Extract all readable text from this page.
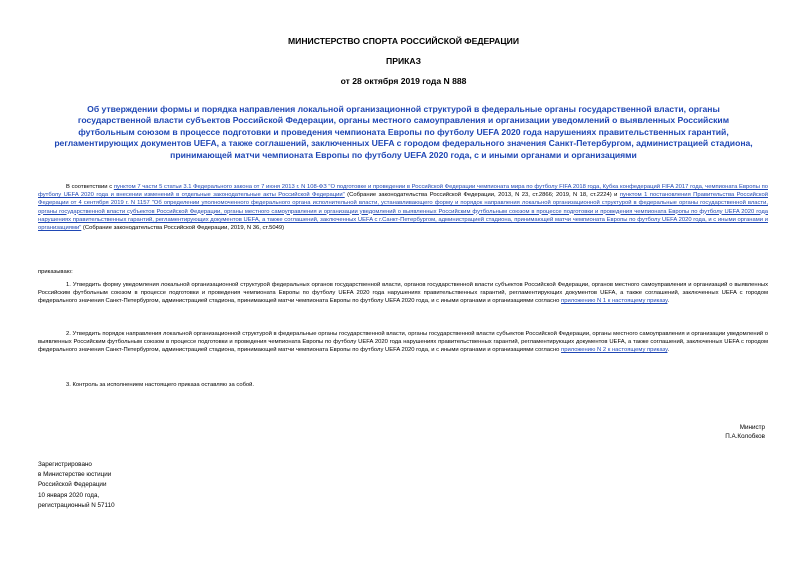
МИНИСТЕРСТВО СПОРТА РОССИЙСКОЙ ФЕДЕРАЦИИ
ПРИКАЗ
от 28 октября 2019 года N 888
Об утверждении формы и порядка направления локальной организационной структурой в федеральные органы государственной власти, органы государственной власти субъектов Российской Федерации, органы местного самоуправления и организации уведомлений о выявленных Российским футбольным союзом в процессе подготовки и проведения чемпионата Европы по футболу UEFA 2020 года нарушениях правительственных гарантий, регламентирующих документов UEFA, а также соглашений, заключенных UEFA с городом федерального значения Санкт-Петербургом, администрацией стадиона, принимающей матчи чемпионата Европы по футболу UEFA 2020 года, с и иными органами и организациями
В соответствии с пунктом 7 части 5 статьи 3.1 Федерального закона от 7 июня 2013 г. N 108-ФЗ "О подготовке и проведении в Российской Федерации чемпионата мира по футболу FIFA 2018 года, Кубка конфедераций FIFA 2017 года, чемпионата Европы по футболу UEFA 2020 года и внесении изменений в отдельные законодательные акты Российской Федерации" (Собрание законодательства Российской Федерации, 2013, N 23, ст.2866; 2019, N 18, ст.2224) и пунктом 1 постановления Правительства Российской Федерации от 4 сентября 2019 г. N 1157 "Об определении уполномоченного федерального органа исполнительной власти, устанавливающего форму и порядок направления локальной организационной структурой в федеральные органы государственной власти, органы государственной власти субъектов Российской Федерации, органы местного самоуправления и организации уведомлений о выявленных Российским футбольным союзом в процессе подготовки и проведения чемпионата Европы по футболу UEFA 2020 года нарушениях правительственных гарантий, регламентирующих документов UEFA, а также соглашений, заключенных UEFA с г.Санкт-Петербургом, администрацией стадиона, принимающей матчи чемпионата Европы по футболу UEFA 2020 года, и с иными органами и организациями" (Собрание законодательства Российской Федерации, 2019, N 36, ст.5049)
приказываю:
1. Утвердить форму уведомления локальной организационной структурой федеральных органов государственной власти, органов государственной власти субъектов Российской Федерации, органов местного самоуправления и организаций о выявленных Российским футбольным союзом в процессе подготовки и проведения чемпионата Европы по футболу UEFA 2020 года нарушениях правительственных гарантий, регламентирующих документов UEFA, а также соглашений, заключенных UEFA с городом федерального значения Санкт-Петербургом, администрацией стадиона, принимающей матчи чемпионата Европы по футболу UEFA 2020 года, и с иными органами и организациями согласно приложению N 1 к настоящему приказу.
2. Утвердить порядок направления локальной организационной структурой в федеральные органы государственной власти, органы государственной власти субъектов Российской Федерации, органы местного самоуправления и организации уведомлений о выявленных Российским футбольным союзом в процессе подготовки и проведения чемпионата Европы по футболу UEFA 2020 года нарушениях правительственных гарантий, регламентирующих документов UEFA, а также соглашений, заключенных UEFA с городом федерального значения Санкт-Петербургом, администрацией стадиона, принимающей матчи чемпионата Европы по футболу UEFA 2020 года, и с иными органами и организациями согласно приложению N 2 к настоящему приказу.
3. Контроль за исполнением настоящего приказа оставляю за собой.
Министр
П.А.Колобков
Зарегистрировано
в Министерстве юстиции
Российской Федерации
10 января 2020 года,
регистрационный N 57110
